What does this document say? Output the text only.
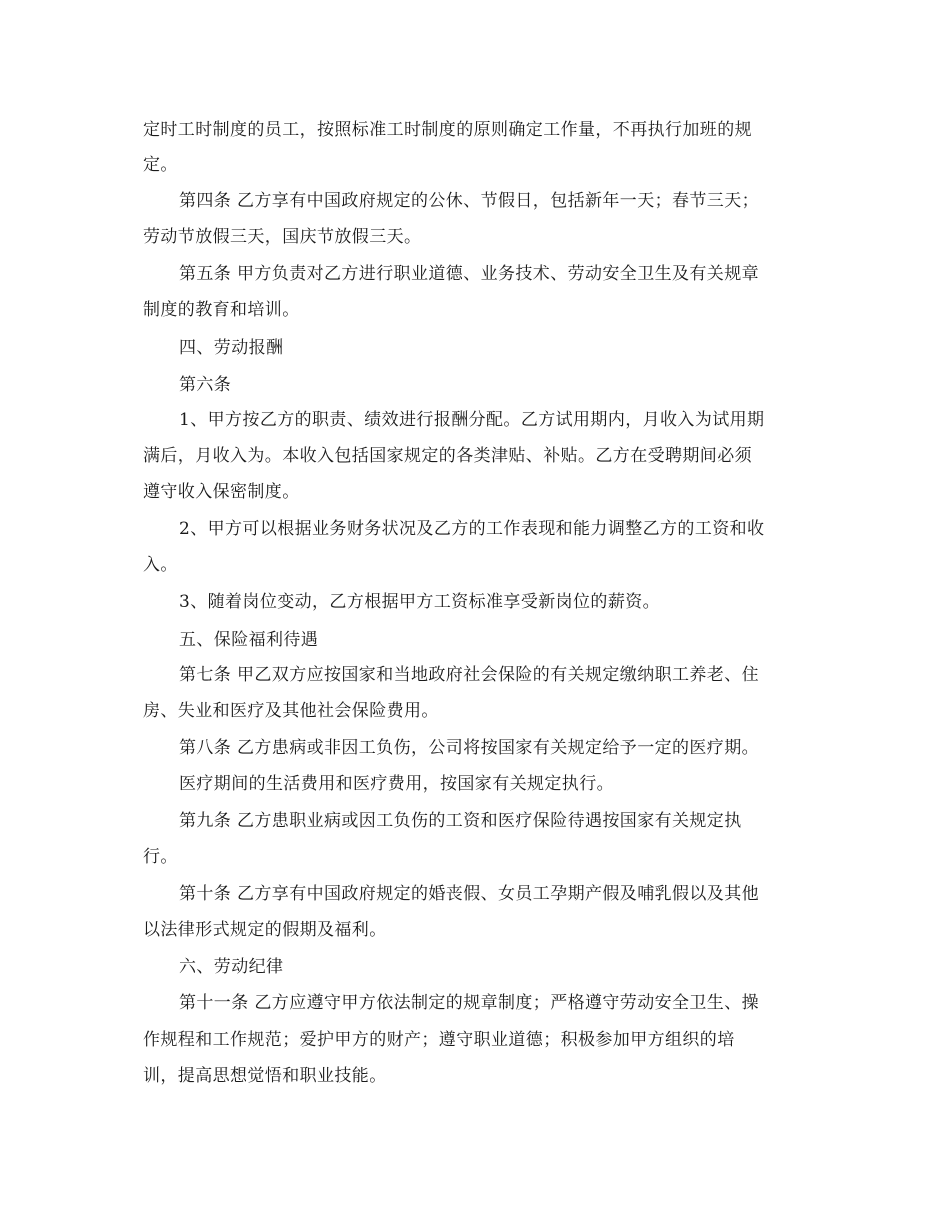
定时工时制度的员工，按照标准工时制度的原则确定工作量，不再执行加班的规
定。
第四条 乙方享有中国政府规定的公休、节假日，包括新年一天；春节三天；
劳动节放假三天，国庆节放假三天。
第五条 甲方负责对乙方进行职业道德、业务技术、劳动安全卫生及有关规章
制度的教育和培训。
四、劳动报酬
第六条
1、甲方按乙方的职责、绩效进行报酬分配。乙方试用期内，月收入为试用期
满后，月收入为。本收入包括国家规定的各类津贴、补贴。乙方在受聘期间必须
遵守收入保密制度。
2、甲方可以根据业务财务状况及乙方的工作表现和能力调整乙方的工资和收
入。
3、随着岗位变动，乙方根据甲方工资标准享受新岗位的薪资。
五、保险福利待遇
第七条 甲乙双方应按国家和当地政府社会保险的有关规定缴纳职工养老、住
房、失业和医疗及其他社会保险费用。
第八条 乙方患病或非因工负伤，公司将按国家有关规定给予一定的医疗期。
医疗期间的生活费用和医疗费用，按国家有关规定执行。
第九条 乙方患职业病或因工负伤的工资和医疗保险待遇按国家有关规定执
行。
第十条 乙方享有中国政府规定的婚丧假、女员工孕期产假及哺乳假以及其他
以法律形式规定的假期及福利。
六、劳动纪律
第十一条 乙方应遵守甲方依法制定的规章制度；严格遵守劳动安全卫生、操
作规程和工作规范；爱护甲方的财产；遵守职业道德；积极参加甲方组织的培
训，提高思想觉悟和职业技能。
